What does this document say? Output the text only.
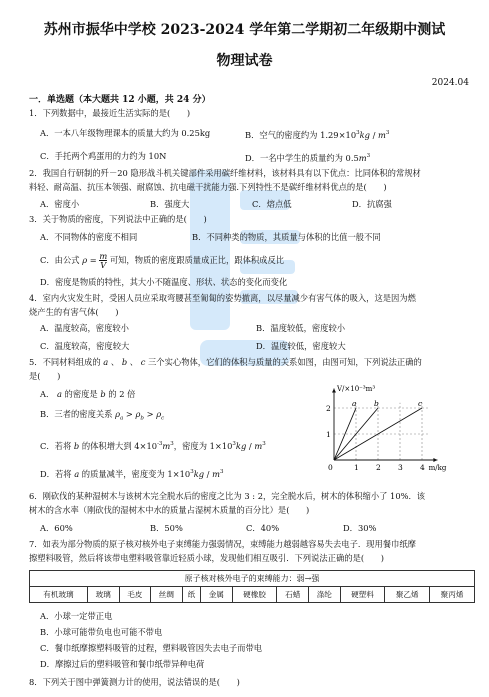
苏州市振华中学校 2023-2024 学年第二学期初二年级期中测试
物理试卷
2024.04
一．单选题（本大题共 12 小题，共 24 分）
1．下列数据中，最接近生活实际的是(　　)
A．一本八年级物理课本的质量大约为 0.25kg	B．空气的密度约为 $1.29\times 10^3kg / m^3$
C．手托两个鸡蛋用的力约为 10N	D．一名中学生的质量约为 $0.5m^3$
2．我国自行研制的歼－20 隐形战斗机关键部件采用碳纤维材料，该材料具有以下优点：比同体积的常规材
料轻、耐高温、抗压本领强、耐腐蚀、抗电磁干扰能力强.下列特性不是碳纤维材料优点的是(　　)
A．密度小	B．强度大	C．熔点低	D．抗腐强
3．关于物质的密度，下列说法中正确的是(　　)
A．不同物体的密度不相同	B．不同种类的物质，其质量与体积的比值一般不同
C．由公式 $\rho = \frac{m}{V}$ 可知，物质的密度跟质量成正比，跟体积成反比
D．密度是物质的特性，其大小不随温度、形状、状态的变化而变化
4．室内火灾发生时，受困人员应采取弯腰甚至匍匐的姿势撤离，以尽量减少有害气体的吸入，这是因为燃
烧产生的有害气体(　　)
A．温度较高，密度较小	B．温度较低，密度较小
C．温度较高，密度较大	D．温度较低，密度较大
5．不同材料组成的 a 、 b 、 c 三个实心物体，它们的体积与质量的关系如图，由图可知，下列说法正确的
是(　　)
A． a 的密度是 b 的 2 倍
B．三者的密度关系 $\rho_a > \rho_b > \rho_c$
C．若将 b 的体积增大到 $4\times 10^{-3}m^3$，密度为 $1\times 10^3kg / m^3$
D．若将 a 的质量减半，密度变为 $1\times 10^3kg / m^3$
a b	c
0	1 2 3 4
1
2
V/×10⁻³m³
m/kg
6．刚砍伐的某种湿树木与该树木完全脱水后的密度之比为 3 : 2，完全脱水后，树木的体积缩小了 10%．该
树木的含水率（刚砍伐的湿树木中水的质量占湿树木质量的百分比）是(　　)
A．60%	B．50%	C．40%	D．30%
7．如表为部分物质的原子核对核外电子束缚能力强弱情况，束缚能力越弱越容易失去电子．现用餐巾纸摩
擦塑料吸管，然后将该带电塑料吸管靠近轻质小球，发现他们相互吸引．下列说法正确的是(　　)
原子核对核外电子的束缚能力：弱→强
有机玻璃	玻璃	毛皮	丝绸	纸	金属	硬橡胶	石蜡	涤纶	硬塑料	聚乙烯	聚丙烯
A．小球一定带正电
B．小球可能带负电也可能不带电
C．餐巾纸摩擦塑料吸管的过程，塑料吸管因失去电子而带电
D．摩擦过后的塑料吸管和餐巾纸带异种电荷
8．下列关于图中弹簧测力计的使用，说法错误的是(　　)
